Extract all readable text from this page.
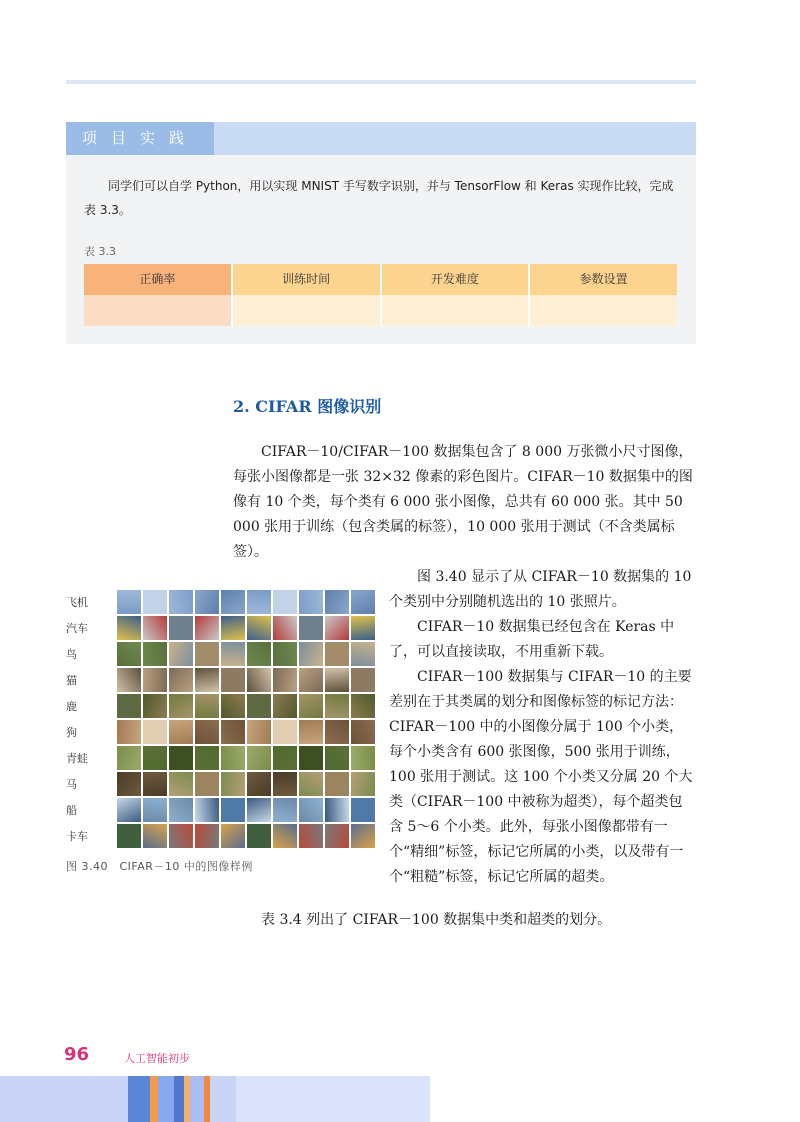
项目实践

同学们可以自学 Python，用以实现 MNIST 手写数字识别，并与 TensorFlow 和 Keras 实现作比较，完成表 3.3。

表 3.3
正确率	训练时间	开发难度	参数设置
2. CIFAR 图像识别

CIFAR－10/CIFAR－100 数据集包含了 8 000 万张微小尺寸图像，每张小图像都是一张 32×32 像素的彩色图片。CIFAR－10 数据集中的图像有 10 个类，每个类有 6 000 张小图像，总共有 60 000 张。其中 50 000 张用于训练（包含类属的标签），10 000 张用于测试（不含类属标签）。

图 3.40 显示了从 CIFAR－10 数据集的 10 个类别中分别随机选出的 10 张照片。

CIFAR－10 数据集已经包含在 Keras 中了，可以直接读取，不用重新下载。

CIFAR－100 数据集与 CIFAR－10 的主要差别在于其类属的划分和图像标签的标记方法：CIFAR－100 中的小图像分属于 100 个小类，每个小类含有 600 张图像，500 张用于训练，100 张用于测试。这 100 个小类又分属 20 个大类（CIFAR－100 中被称为超类），每个超类包含 5～6 个小类。此外，每张小图像都带有一个“精细”标签，标记它所属的小类，以及带有一个“粗糙”标签，标记它所属的超类。

表 3.4 列出了 CIFAR－100 数据集中类和超类的划分。

飞机
汽车
鸟
猫
鹿
狗
青蛙
马
船
卡车
图 3.40　CIFAR－10 中的图像样例
96	人工智能初步
